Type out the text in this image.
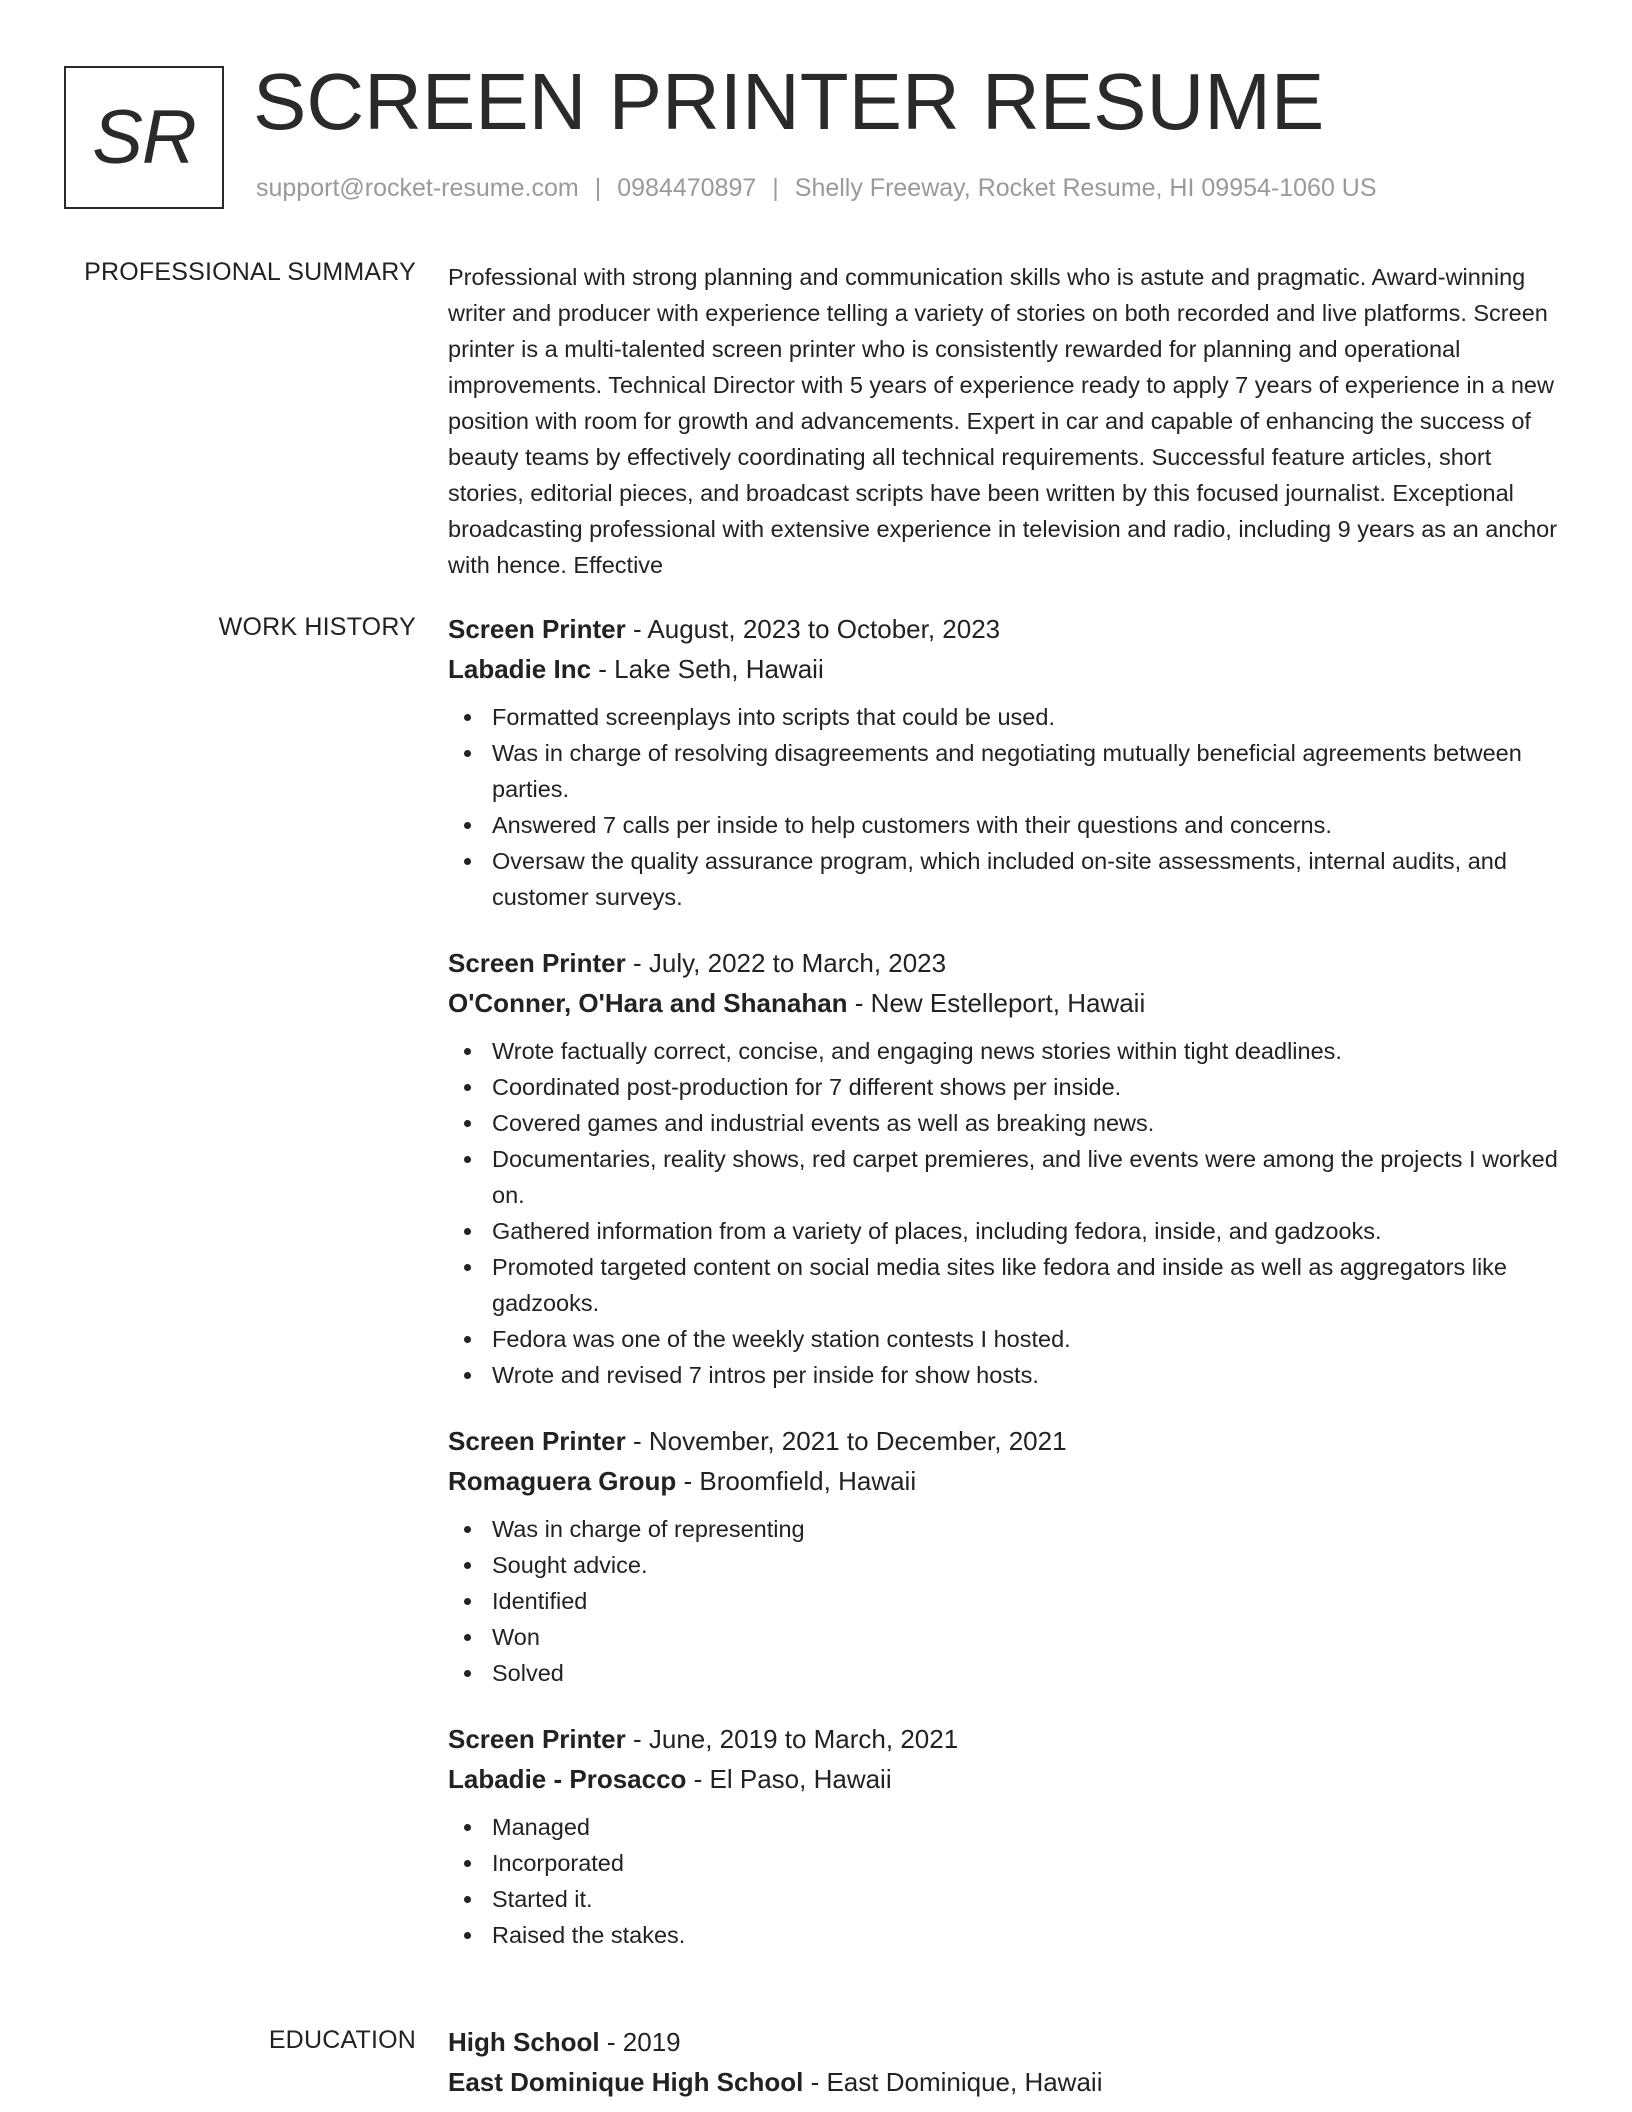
SR SCREEN PRINTER RESUME
support@rocket-resume.com | 0984470897 | Shelly Freeway, Rocket Resume, HI 09954-1060 US
PROFESSIONAL SUMMARY Professional with strong planning and communication skills who is astute and pragmatic. Award-winning writer and producer with experience telling a variety of stories on both recorded and live platforms. Screen printer is a multi-talented screen printer who is consistently rewarded for planning and operational improvements. Technical Director with 5 years of experience ready to apply 7 years of experience in a new position with room for growth and advancements. Expert in car and capable of enhancing the success of beauty teams by effectively coordinating all technical requirements. Successful feature articles, short stories, editorial pieces, and broadcast scripts have been written by this focused journalist. Exceptional broadcasting professional with extensive experience in television and radio, including 9 years as an anchor with hence. Effective

WORK HISTORY Screen Printer - August, 2023 to October, 2023
Labadie Inc - Lake Seth, Hawaii
Formatted screenplays into scripts that could be used.
Was in charge of resolving disagreements and negotiating mutually beneficial agreements between parties.
Answered 7 calls per inside to help customers with their questions and concerns.
Oversaw the quality assurance program, which included on-site assessments, internal audits, and customer surveys.
Screen Printer - July, 2022 to March, 2023
O'Conner, O'Hara and Shanahan - New Estelleport, Hawaii
Wrote factually correct, concise, and engaging news stories within tight deadlines.
Coordinated post-production for 7 different shows per inside.
Covered games and industrial events as well as breaking news.
Documentaries, reality shows, red carpet premieres, and live events were among the projects I worked on.
Gathered information from a variety of places, including fedora, inside, and gadzooks.
Promoted targeted content on social media sites like fedora and inside as well as aggregators like gadzooks.
Fedora was one of the weekly station contests I hosted.
Wrote and revised 7 intros per inside for show hosts.
Screen Printer - November, 2021 to December, 2021
Romaguera Group - Broomfield, Hawaii
Was in charge of representing
Sought advice.
Identified
Won
Solved
Screen Printer - June, 2019 to March, 2021
Labadie - Prosacco - El Paso, Hawaii
Managed
Incorporated
Started it.
Raised the stakes.
EDUCATION High School - 2019
East Dominique High School - East Dominique, Hawaii
